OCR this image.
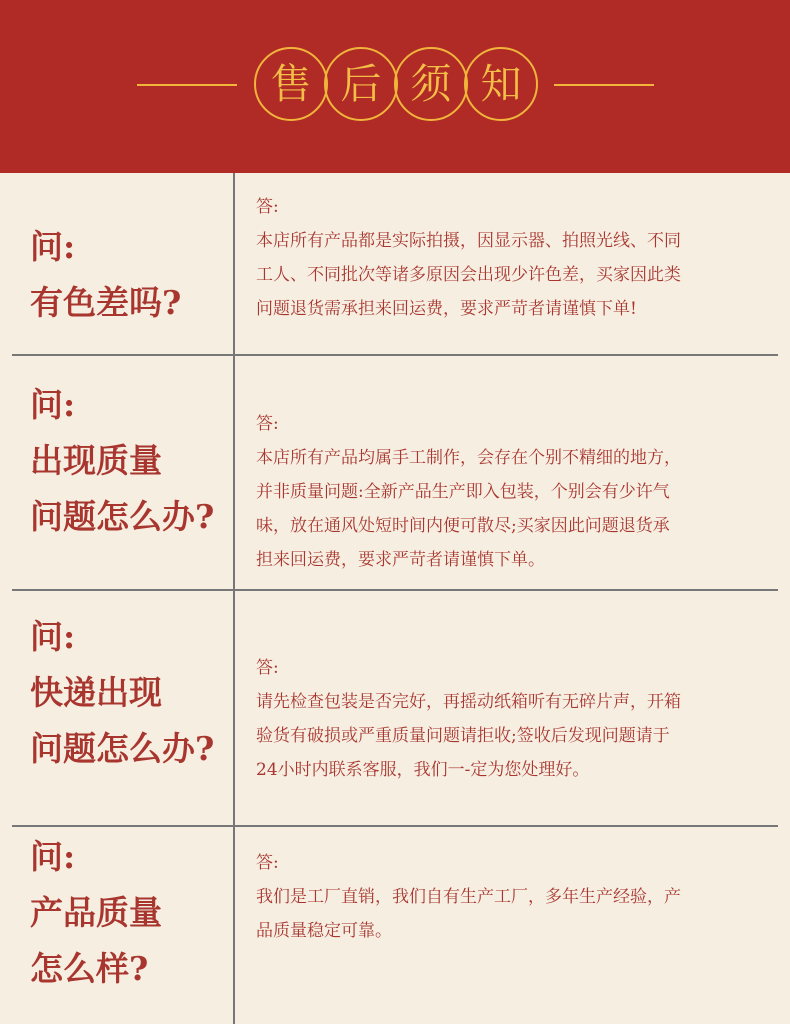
售 后 须 知
问:
有色差吗?
答:
本店所有产品都是实际拍摄，因显示器、拍照光线、不同
工人、不同批次等诸多原因会出现少许色差，买家因此类
问题退货需承担来回运费，要求严苛者请谨慎下单!
问:
出现质量
问题怎么办?
答:
本店所有产品均属手工制作，会存在个别不精细的地方，
并非质量问题:全新产品生产即入包装，个别会有少许气
味，放在通风处短时间内便可散尽;买家因此问题退货承
担来回运费，要求严苛者请谨慎下单。
问:
快递出现
问题怎么办?
答:
请先检查包装是否完好，再摇动纸箱听有无碎片声，开箱
验货有破损或严重质量问题请拒收;签收后发现问题请于
24小时内联系客服，我们一-定为您处理好。
问:
产品质量
怎么样?
答:
我们是工厂直销，我们自有生产工厂，多年生产经验，产
品质量稳定可靠。
